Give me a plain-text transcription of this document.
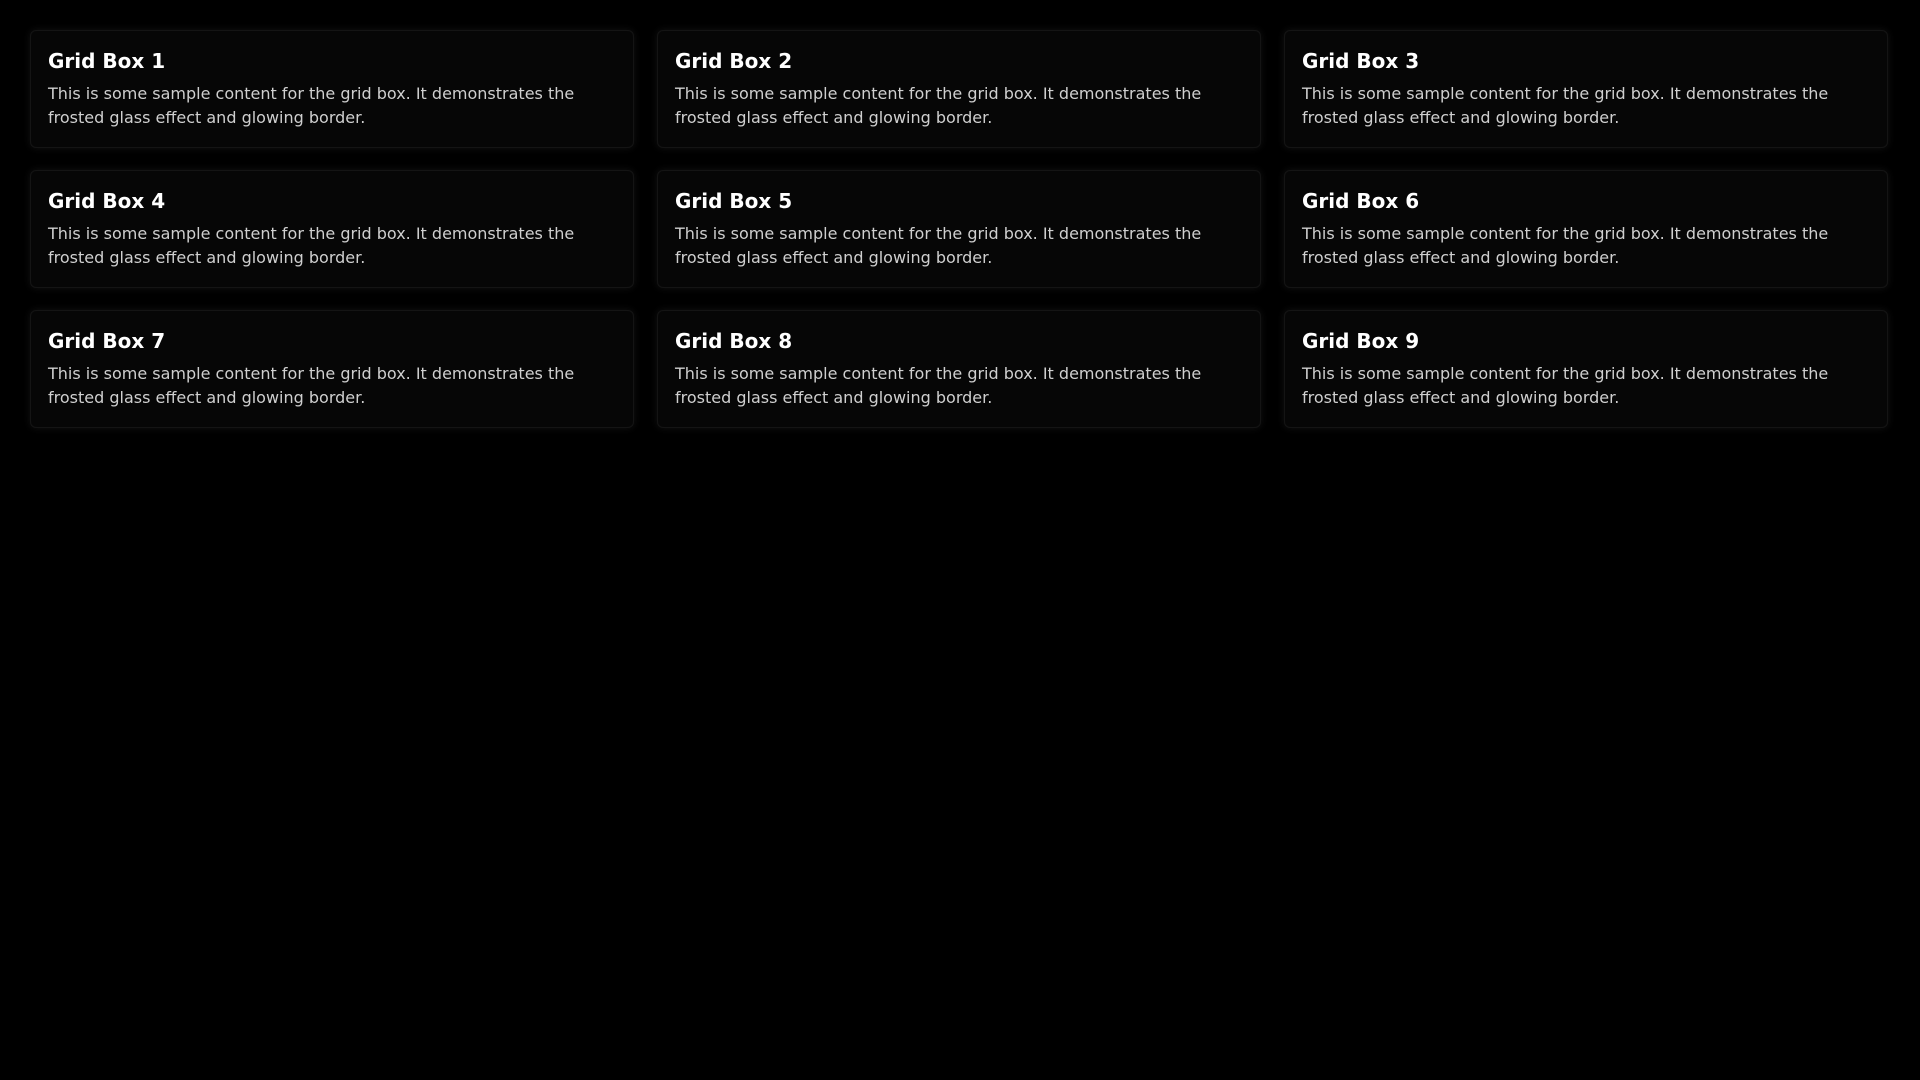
Grid Box 1

This is some sample content for the grid box. It demonstrates the frosted glass effect and glowing border.

Grid Box 2

This is some sample content for the grid box. It demonstrates the frosted glass effect and glowing border.

Grid Box 3

This is some sample content for the grid box. It demonstrates the frosted glass effect and glowing border.

Grid Box 4

This is some sample content for the grid box. It demonstrates the frosted glass effect and glowing border.

Grid Box 5

This is some sample content for the grid box. It demonstrates the frosted glass effect and glowing border.

Grid Box 6

This is some sample content for the grid box. It demonstrates the frosted glass effect and glowing border.

Grid Box 7

This is some sample content for the grid box. It demonstrates the frosted glass effect and glowing border.

Grid Box 8

This is some sample content for the grid box. It demonstrates the frosted glass effect and glowing border.

Grid Box 9

This is some sample content for the grid box. It demonstrates the frosted glass effect and glowing border.
